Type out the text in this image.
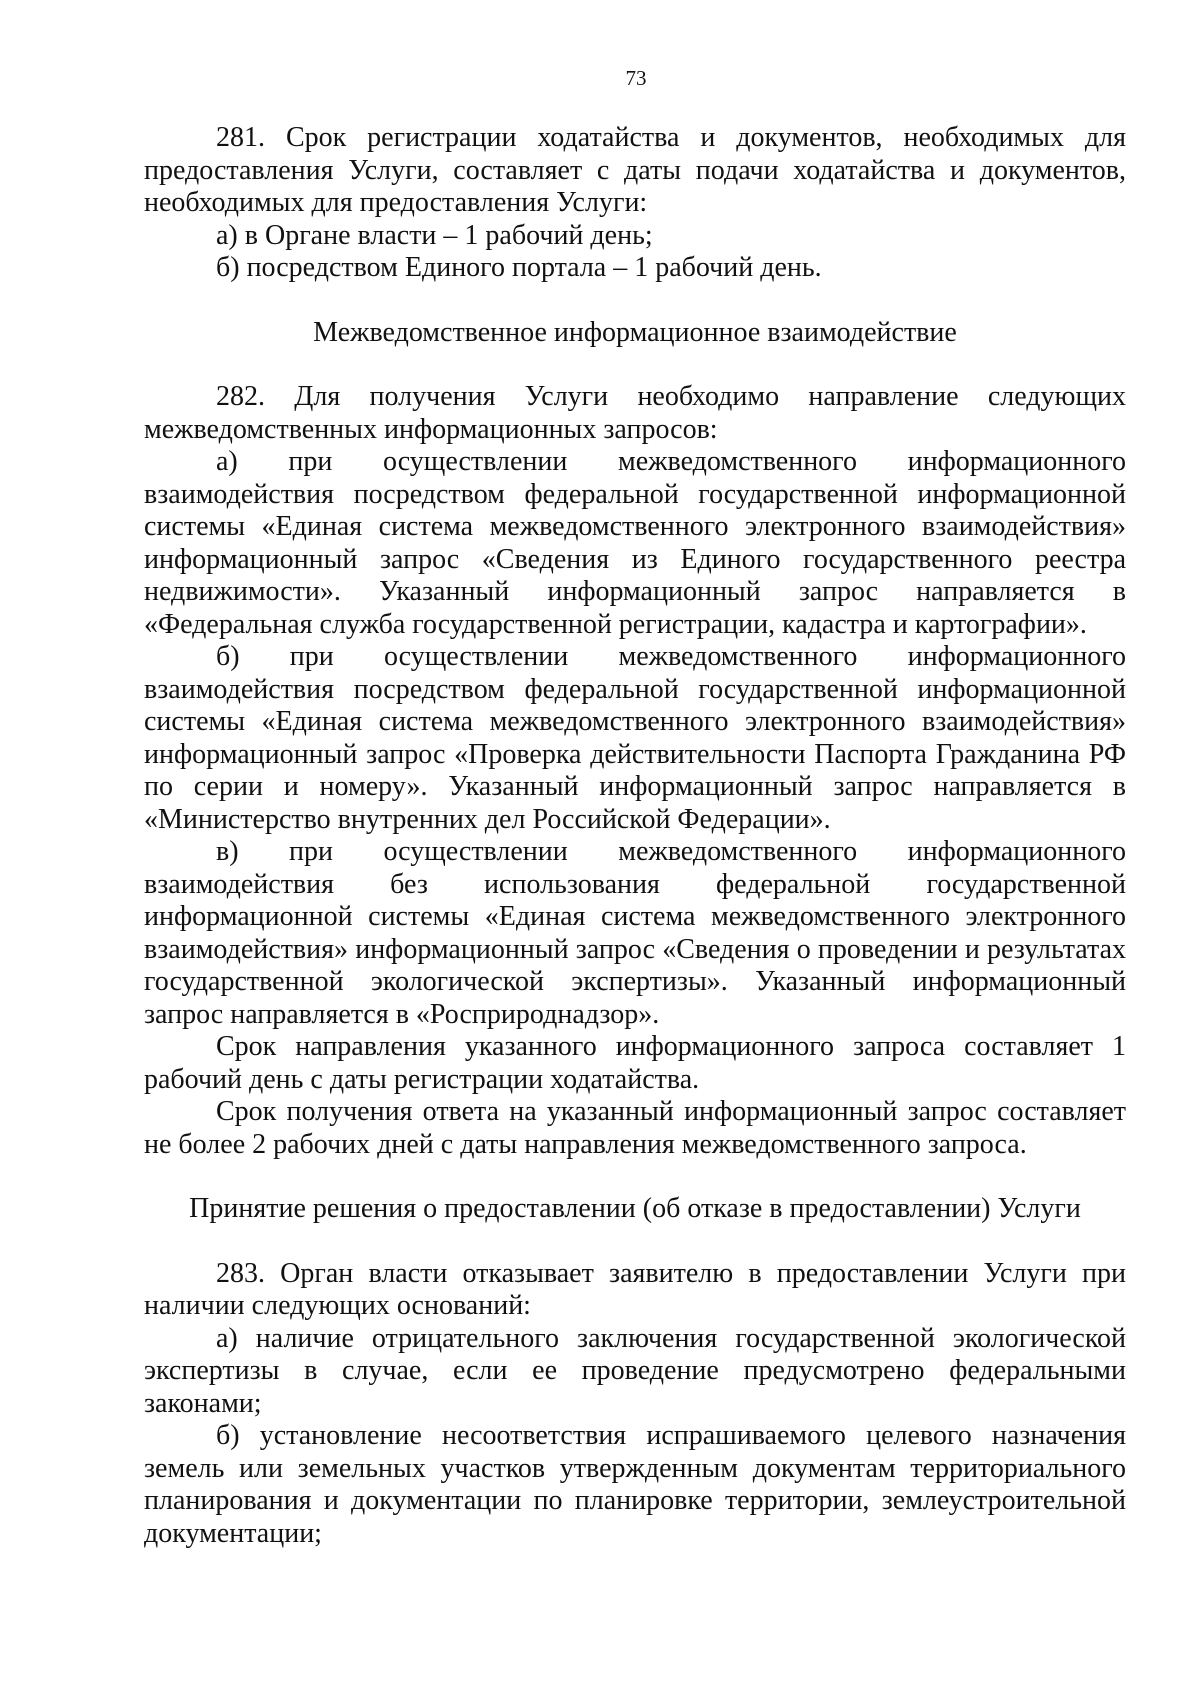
73

281. Срок регистрации ходатайства и документов, необходимых для предоставления Услуги, составляет с даты подачи ходатайства и документов, необходимых для предоставления Услуги:

а) в Органе власти – 1 рабочий день;

б) посредством Единого портала – 1 рабочий день.

Межведомственное информационное взаимодействие

282. Для получения Услуги необходимо направление следующих межведомственных информационных запросов:

а) при осуществлении межведомственного информационного взаимодействия посредством федеральной государственной информационной системы «Единая система межведомственного электронного взаимодействия» информационный запрос «Сведения из Единого государственного реестра недвижимости». Указанный информационный запрос направляется в «Федеральная служба государственной регистрации, кадастра и картографии».

б) при осуществлении межведомственного информационного взаимодействия посредством федеральной государственной информационной системы «Единая система межведомственного электронного взаимодействия» информационный запрос «Проверка действительности Паспорта Гражданина РФ по серии и номеру». Указанный информационный запрос направляется в «Министерство внутренних дел Российской Федерации».

в) при осуществлении межведомственного информационного взаимодействия без использования федеральной государственной информационной системы «Единая система межведомственного электронного взаимодействия» информационный запрос «Сведения о проведении и результатах государственной экологической экспертизы». Указанный информационный запрос направляется в «Росприроднадзор».

Срок направления указанного информационного запроса составляет 1 рабочий день с даты регистрации ходатайства.

Срок получения ответа на указанный информационный запрос составляет не более 2 рабочих дней с даты направления межведомственного запроса.

Принятие решения о предоставлении (об отказе в предоставлении) Услуги

283. Орган власти отказывает заявителю в предоставлении Услуги при наличии следующих оснований:

а) наличие отрицательного заключения государственной экологической экспертизы в случае, если ее проведение предусмотрено федеральными законами;

б) установление несоответствия испрашиваемого целевого назначения земель или земельных участков утвержденным документам территориального планирования и документации по планировке территории, землеустроительной документации;
